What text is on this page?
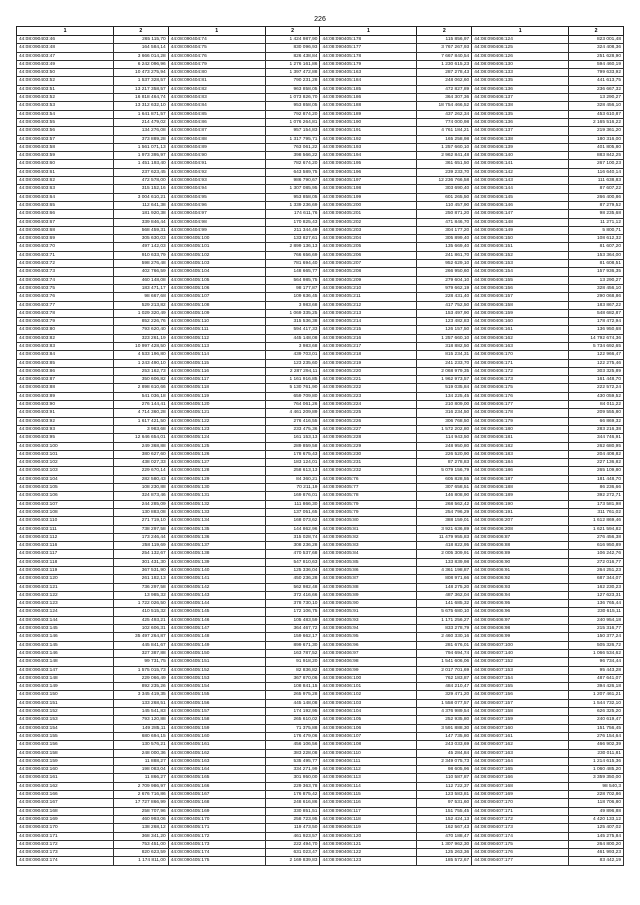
226
1	2	1	2	1	2	1	2
44:08:090403:46	265 115,70	44:08:090404:74	1 424 987,90	44:08:090405:178	115 856,97	44:08:090406:124	823 001,48
44:08:090403:48	164 584,14	44:08:090404:75	830 096,93	44:08:090405:177	3 767 267,93	44:08:090406:125	324 408,36
44:08:090403:47	3 666 014,28	44:08:090404:76	826 438,84	44:08:090405:178	7 667 840,54	44:08:090406:126	251 628,90
44:08:090403:49	6 242 096,96	44:08:090404:79	1 276 161,86	44:08:090405:179	1 230 615,23	44:08:090406:130	594 460,19
44:08:090403:50	10 473 275,94	44:08:090404:80	1 397 472,88	44:08:090405:163	287 278,43	44:08:090406:133	799 633,92
44:08:090403:52	1 537 328,57	44:08:090404:81	790 231,28	44:08:090405:184	248 062,60	44:08:090406:135	441 613,75
44:08:090403:51	13 217 358,57	44:08:090404:82	963 858,05	44:08:090405:185	472 827,89	44:08:090406:136	236 667,32
44:08:090403:52	16 818 464,74	44:08:090404:83	1 073 826,70	44:08:090405:186	364 307,36	44:08:090406:137	13 290,27
44:08:090403:53	13 312 632,10	44:08:090404:84	953 858,05	44:08:090405:188	18 754 466,52	44:08:090406:138	328 456,10
44:08:090403:54	1 641 871,57	44:08:090404:85	792 874,20	44:08:090405:189	437 262,34	44:08:090406:135	453 610,87
44:08:090403:55	214 479,02	44:08:090404:86	1 076 264,81	44:08:090405:190	774 000,98	44:08:090406:136	2 165 516,22
44:08:090403:56	134 276,08	44:08:090404:87	957 154,83	44:08:090405:191	4 761 184,21	44:08:090406:137	219 361,20
44:08:090403:57	373 889,28	44:08:090404:88	1 317 795,71	44:08:090405:192	165 258,98	44:08:090406:138	180 316,00
44:08:090403:58	1 561 071,13	44:08:090404:89	763 061,22	44:08:090405:193	1 257 660,10	44:08:090406:139	401 805,80
44:08:090403:59	1 973 395,97	44:08:090404:90	398 566,22	44:08:090405:194	2 962 841,48	44:08:090406:140	883 842,25
44:08:090403:60	1 451 193,40	44:08:090404:91	782 674,20	44:08:090405:195	361 651,50	44:08:090406:141	267 100,23
44:08:090403:61	237 623,45	44:08:090404:92	643 589,75	44:08:090405:196	239 233,70	44:08:090406:142	116 640,14
44:08:090403:62	472 578,00	44:08:090404:93	986 790,67	44:08:090405:197	12 236 766,58	44:08:090406:143	111 638,83
44:08:090403:63	315 152,16	44:08:090404:94	1 307 085,95	44:08:090405:198	303 690,40	44:08:090406:144	87 607,22
44:08:090403:64	3 004 610,21	44:08:090404:95	953 858,05	44:08:090405:199	601 265,50	44:08:090406:145	266 400,86
44:08:090403:65	112 641,38	44:08:090404:96	1 339 236,69	44:08:090405:200	110 457,90	44:08:090406:146	87 279,52
44:08:090403:66	181 920,38	44:08:090404:97	174 611,76	44:08:090405:201	250 871,20	44:08:090406:147	98 235,68
44:08:090403:67	339 846,44	44:08:090404:98	170 825,43	44:08:090405:202	471 846,70	44:08:090406:148	11 271,12
44:08:090403:68	568 459,31	44:08:090404:99	211 344,49	44:08:090405:203	304 177,20	44:08:090406:149	5 800,71
44:08:090403:69	305 630,03	44:08:090405:100	133 827,61	44:08:090405:204	305 899,40	44:08:090406:150	108 612,32
44:08:090403:70	497 142,03	44:08:090405:101	2 899 136,13	44:08:090405:205	135 669,40	44:08:090406:151	81 607,20
44:08:090403:71	910 633,79	44:08:090405:102	766 656,69	44:08:090405:206	241 861,70	44:08:090406:152	153 364,00
44:08:090403:72	598 276,48	44:08:090405:103	781 694,40	44:08:090405:207	952 629,10	44:08:090406:153	81 608,51
44:08:090403:73	402 766,59	44:08:090405:104	148 665,77	44:08:090405:208	266 950,60	44:08:090406:154	157 936,35
44:08:090403:74	460 148,08	44:08:090405:105	564 985,75	44:08:090405:209	279 604,10	44:08:090406:155	13 290,27
44:08:090403:75	183 471,17	44:08:090405:106	98 177,87	44:08:090405:210	979 662,19	44:08:090406:156	328 456,10
44:08:090403:76	98 667,68	44:08:090405:107	109 636,45	44:08:090405:211	228 431,40	44:08:090406:157	290 068,86
44:08:090403:77	529 213,82	44:08:090405:108	3 983,68	44:08:090405:212	417 752,50	44:08:090406:158	183 867,22
44:08:090403:78	1 029 320,49	44:08:090405:109	1 069 335,25	44:08:090405:213	153 497,90	44:08:090406:159	548 682,87
44:08:090403:79	852 226,76	44:08:090405:110	315 536,38	44:08:090405:214	123 482,83	44:08:090406:160	178 472,94
44:08:090403:80	793 620,40	44:08:090405:111	594 417,33	44:08:090405:215	126 157,50	44:08:090406:161	136 950,68
44:08:090403:82	323 261,19	44:08:090405:112	445 148,08	44:08:090405:216	1 257 660,10	44:08:090406:162	14 792 674,36
44:08:090403:83	10 997 428,50	44:08:090405:113	3 983,68	44:08:090405:217	318 882,50	44:08:090406:163	5 734 692,65
44:08:090403:84	4 533 196,80	44:08:090405:114	439 703,01	44:08:090405:218	815 234,31	44:08:090406:170	122 966,47
44:08:090403:85	1 243 490,10	44:08:090405:115	123 235,60	44:08:090405:219	241 233,70	44:08:090406:171	122 275,46
44:08:090403:86	253 162,73	44:08:090405:116	2 287 294,11	44:08:090405:220	2 068 979,35	44:08:090406:172	303 325,89
44:08:090403:87	350 606,82	44:08:090405:117	1 161 916,85	44:08:090405:221	1 962 973,57	44:08:090406:173	161 448,70
44:08:090403:88	2 898 610,66	44:08:090405:118	5 130 761,90	44:08:090405:222	519 035,84	44:08:090406:175	222 572,24
44:08:090403:89	541 036,18	44:08:090405:119	659 709,80	44:08:090405:223	134 225,45	44:08:090406:176	430 059,52
44:08:090403:90	276 144,41	44:08:090405:120	764 061,26	44:08:090405:224	210 809,00	44:08:090406:177	84 011,22
44:08:090403:91	4 714 360,28	44:08:090405:121	4 461 209,89	44:08:090405:225	316 234,50	44:08:090406:178	209 555,80
44:08:090403:92	1 617 421,50	44:08:090405:122	276 416,55	44:08:090405:226	306 768,50	44:08:090406:179	66 869,32
44:08:090403:93	3 983,68	44:08:090405:123	233 475,36	44:08:090405:227	1 572 202,80	44:08:090406:180	283 216,38
44:08:090403:95	12 646 654,01	44:08:090405:124	161 153,13	44:08:090405:228	114 943,50	44:08:090406:181	344 746,91
44:08:090403:100	249 368,88	44:08:090405:125	289 859,58	44:08:090405:229	248 950,80	44:08:090406:182	262 680,95
44:08:090403:101	380 627,60	44:08:090405:126	178 675,43	44:08:090405:230	226 520,90	44:08:090406:183	204 408,82
44:08:090403:102	438 027,33	44:08:090405:127	183 124,01	44:08:090405:231	87 278,83	44:08:090406:184	227 136,82
44:08:090403:103	229 670,14	44:08:090405:128	258 613,13	44:08:090405:232	5 079 156,79	44:08:090406:186	265 109,80
44:08:090403:104	282 580,43	44:08:090405:129	84 360,21	44:08:090405:76	605 828,55	44:08:090406:187	181 448,70
44:08:090403:105	108 230,88	44:08:090405:130	70 211,19	44:08:090405:77	307 658,51	44:08:090406:188	86 236,66
44:08:090403:106	324 873,46	44:08:090405:131	169 876,01	44:08:090405:78	146 808,90	44:08:090406:189	392 272,71
44:08:090403:107	244 285,09	44:08:090405:132	111 866,30	44:08:090405:79	268 562,42	44:08:090406:190	173 581,98
44:08:090403:108	130 883,08	44:08:090405:133	137 051,65	44:08:090405:79	254 796,29	44:08:090406:191	311 761,02
44:08:090403:110	271 719,10	44:08:090405:134	168 073,62	44:08:090405:80	388 159,01	44:08:090406:207	1 612 869,46
44:08:090403:111	738 297,58	44:08:090405:135	144 862,96	44:08:090405:81	3 921 636,89	44:08:090406:208	1 621 594,82
44:08:090403:112	173 246,44	44:08:090405:136	315 028,74	44:08:090405:82	11 479 955,83	44:08:090406:87	276 456,38
44:08:090403:116	258 119,69	44:08:090405:137	308 236,28	44:08:090405:83	418 822,95	44:08:090406:88	616 950,89
44:08:090403:117	254 132,67	44:08:090405:138	470 537,68	44:08:090405:84	2 005 309,91	44:08:090406:89	106 242,76
44:08:090403:118	301 431,30	44:08:090405:139	547 810,63	44:08:090405:85	133 839,98	44:08:090406:90	272 016,77
44:08:090403:119	367 531,90	44:08:090405:140	125 336,04	44:08:090405:86	4 361 198,87	44:08:090406:91	264 251,23
44:08:090403:120	261 182,13	44:08:090405:141	450 236,28	44:08:090405:87	808 971,66	44:08:090406:92	687 344,07
44:08:090403:121	736 297,58	44:08:090405:142	562 982,48	44:08:090405:88	148 275,20	44:08:090406:93	162 230,23
44:08:090403:122	13 985,32	44:08:090405:143	372 416,66	44:08:090405:89	487 362,04	44:08:090406:94	127 623,31
44:08:090403:123	1 722 026,50	44:08:090405:144	378 730,10	44:08:090405:90	141 685,32	44:08:090406:95	136 765,44
44:08:090403:124	410 515,32	44:08:090405:145	172 106,75	44:08:090405:91	5 675 680,10	44:08:090406:96	230 615,11
44:08:090403:144	425 493,21	44:08:090405:146	105 483,59	44:08:090405:93	1 171 256,27	44:08:090406:97	240 954,18
44:08:090403:145	102 606,31	44:08:090405:147	364 467,72	44:08:090405:94	833 278,79	44:08:090406:98	215 316,77
44:08:090403:146	35 497 264,87	44:08:090405:148	159 662,17	44:08:090405:95	2 460 330,16	44:08:090406:99	150 377,24
44:08:090403:145	445 841,67	44:08:090405:149	899 671,30	44:08:090406:96	281 676,01	44:08:090407:100	505 326,72
44:08:090403:146	327 387,88	44:08:090405:150	163 787,52	44:08:090406:97	794 694,74	44:08:090407:140	1 066 534,62
44:08:090403:148	99 731,75	44:08:090405:151	91 918,20	44:08:090406:98	1 541 606,06	44:08:090407:152	96 734,44
44:08:090403:147	1 575 015,73	44:08:090405:152	82 836,82	44:08:090406:99	2 017 701,69	44:08:090407:153	95 443,28
44:08:090403:148	229 066,49	44:08:090405:153	367 870,06	44:08:090406:100	762 183,87	44:08:090407:154	487 641,07
44:08:090403:149	892 235,26	44:08:090405:154	108 841,15	44:08:090406:101	484 210,47	44:08:090407:155	394 426,18
44:08:090403:150	3 345 419,35	44:08:090405:155	265 975,28	44:08:090406:102	329 471,20	44:08:090407:156	1 207 461,21
44:08:090403:151	133 268,51	44:08:090405:156	445 148,08	44:08:090406:103	1 558 077,57	44:08:090407:157	1 544 732,10
44:08:090403:152	145 541,83	44:08:090405:157	174 192,95	44:08:090406:104	4 376 989,54	44:08:090407:158	626 325,20
44:08:090403:153	793 120,88	44:08:090405:158	265 610,02	44:08:090406:105	252 935,80	44:08:090407:159	240 619,47
44:08:090403:154	149 285,11	44:08:090405:159	71 375,88	44:08:090406:106	3 591 888,30	44:08:090407:160	151 756,45
44:08:090403:155	680 694,15	44:08:090405:160	176 479,06	44:08:090406:107	147 735,80	44:08:090407:161	276 154,64
44:08:090403:156	130 576,21	44:08:090405:161	456 106,56	44:08:090406:108	243 033,69	44:08:090407:162	466 902,39
44:08:090403:158	248 000,36	44:08:090405:162	383 228,08	44:08:090406:110	45 284,84	44:08:090407:163	230 011,81
44:08:090403:159	11 888,27	44:08:090405:163	535 495,77	44:08:090406:111	2 349 075,73	44:08:090407:164	1 214 615,36
44:08:090403:160	198 083,04	44:08:090405:164	334 271,99	44:08:090406:112	98 605,96	44:08:090407:165	1 060 485,20
44:08:090403:161	11 866,27	44:08:090405:165	301 950,00	44:08:090406:113	110 587,87	44:08:090407:166	3 359 350,00
44:08:090403:162	2 709 986,97	44:08:090405:166	229 363,78	44:08:090406:114	112 722,37	44:08:090407:168	98 540,3
44:08:090403:166	2 676 716,86	44:08:090405:167	176 875,42	44:08:090406:115	123 583,81	44:08:090407:169	228 702,86
44:08:090403:167	17 727 866,99	44:08:090405:168	248 616,86	44:08:090406:116	97 531,60	44:08:090407:170	118 706,80
44:08:090403:168	258 707,96	44:08:090405:169	330 851,51	44:08:090406:117	151 755,45	44:08:090407:171	49 896,88
44:08:090403:169	460 993,06	44:08:090405:170	258 723,95	44:08:090406:118	152 424,13	44:08:090407:172	4 420 133,12
44:08:090403:170	138 268,12	44:08:090405:171	119 473,50	44:08:090406:119	162 567,43	44:08:090407:173	125 407,02
44:08:090403:171	368 341,20	44:08:090405:172	461 923,57	44:08:090406:120	470 188,47	44:08:090407:174	145 275,84
44:08:090403:172	753 451,00	44:08:090405:173	222 494,70	44:08:090406:121	1 307 962,30	44:08:090407:175	264 800,20
44:08:090403:173	820 623,59	44:08:090405:174	631 023,47	44:08:090406:122	125 263,36	44:08:090407:176	461 993,23
44:08:090403:174	1 174 811,00	44:08:090405:175	2 169 839,83	44:08:090406:123	185 572,67	44:08:090407:177	83 442,19
